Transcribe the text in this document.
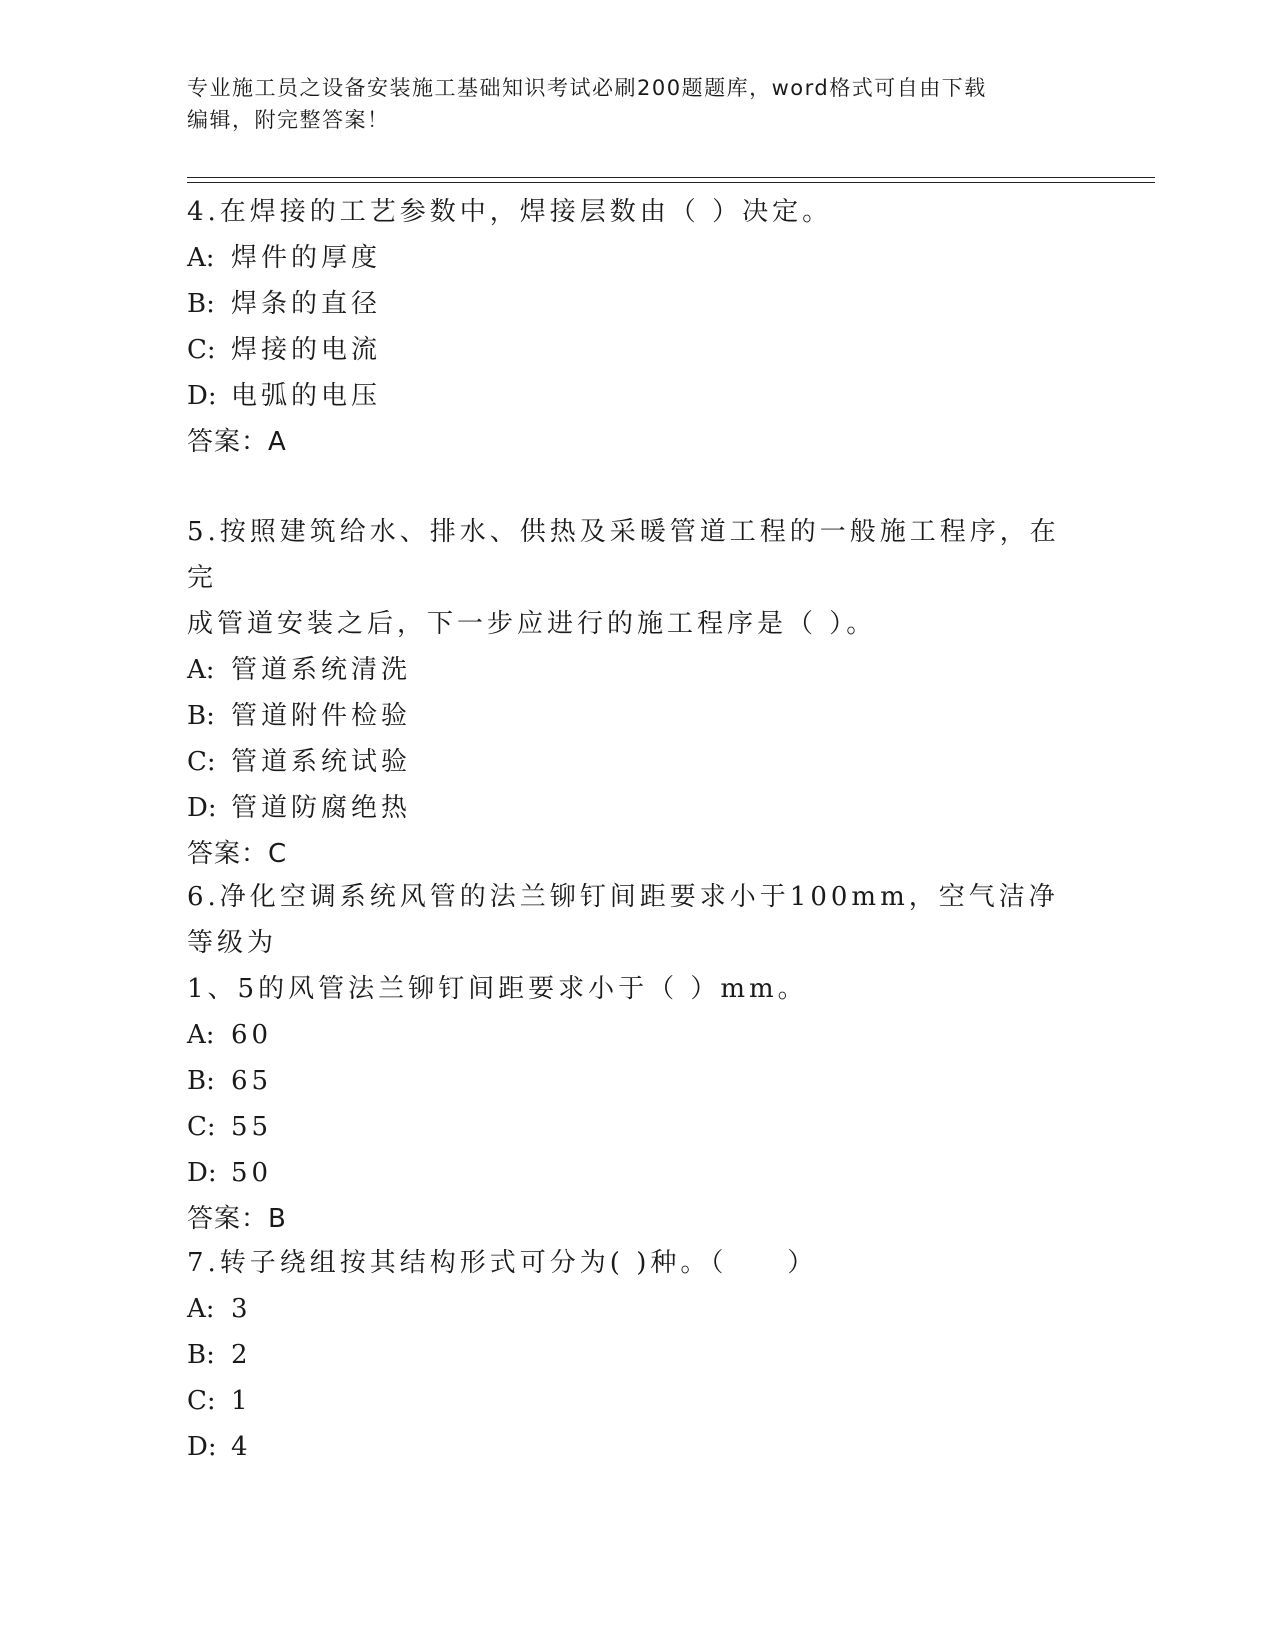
专业施工员之设备安装施工基础知识考试必刷200题题库，word格式可自由下载
编辑，附完整答案！

4.在焊接的工艺参数中，焊接层数由（ ）决定。

A: 焊件的厚度

B: 焊条的直径

C: 焊接的电流

D: 电弧的电压

答案：A

5.按照建筑给水、排水、供热及采暖管道工程的一般施工程序，在完

成管道安装之后，下一步应进行的施工程序是（ ）。

A: 管道系统清洗

B: 管道附件检验

C: 管道系统试验

D: 管道防腐绝热

答案：C

6.净化空调系统风管的法兰铆钉间距要求小于100mm，空气洁净等级为

1、5的风管法兰铆钉间距要求小于（ ）mm。

A: 60

B: 65

C: 55

D: 50

答案：B

7.转子绕组按其结构形式可分为( )种。（　　）

A: 3

B: 2

C: 1

D: 4
